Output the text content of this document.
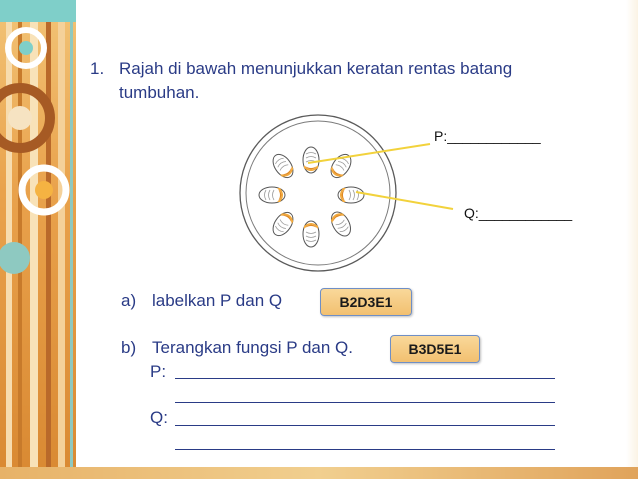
1. Rajah di bawah menunjukkan keratan rentas batang
tumbuhan.
P:____________
Q:____________
a) labelkan P dan Q	B2D3E1
b) Terangkan fungsi P dan Q.	B3D5E1
P:
Q:
